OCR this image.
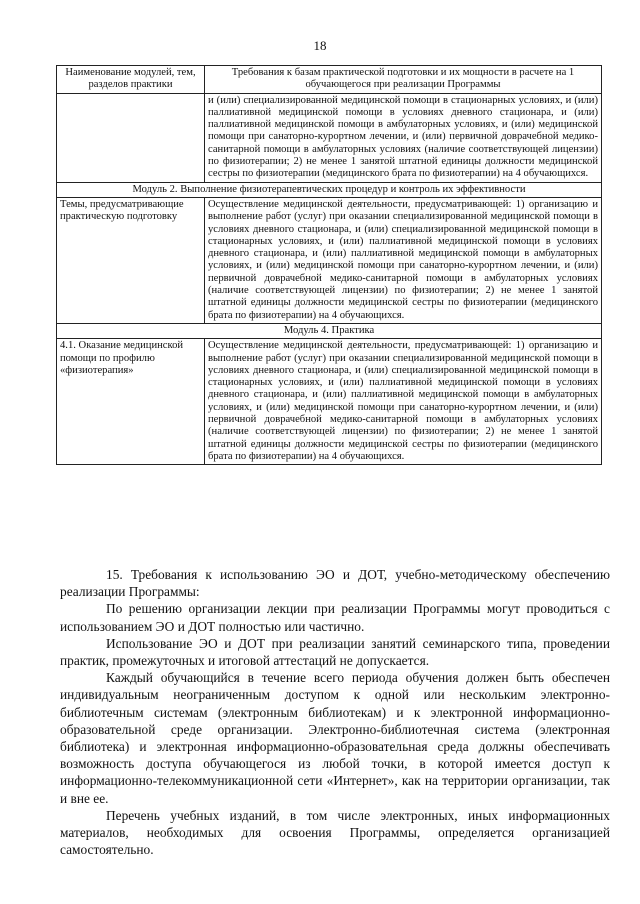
18
Наименование модулей, тем, разделов практики	Требования к базам практической подготовки и их мощности в расчете на 1 обучающегося при реализации Программы
	и (или) специализированной медицинской помощи в стационарных условиях, и (или) паллиативной медицинской помощи в условиях дневного стационара, и (или) паллиативной медицинской помощи в амбулаторных условиях, и (или) медицинской помощи при санаторно-курортном лечении, и (или) первичной доврачебной медико-санитарной помощи в амбулаторных условиях (наличие соответствующей лицензии) по физиотерапии; 2) не менее 1 занятой штатной единицы должности медицинской сестры по физиотерапии (медицинского брата по физиотерапии) на 4 обучающихся.
Модуль 2. Выполнение физиотерапевтических процедур и контроль их эффективности	
Темы, предусматривающие практическую подготовку	Осуществление медицинской деятельности, предусматривающей: 1) организацию и выполнение работ (услуг) при оказании специализированной медицинской помощи в условиях дневного стационара, и (или) специализированной медицинской помощи в стационарных условиях, и (или) паллиативной медицинской помощи в условиях дневного стационара, и (или) паллиативной медицинской помощи в амбулаторных условиях, и (или) медицинской помощи при санаторно-курортном лечении, и (или) первичной доврачебной медико-санитарной помощи в амбулаторных условиях (наличие соответствующей лицензии) по физиотерапии; 2) не менее 1 занятой штатной единицы должности медицинской сестры по физиотерапии (медицинского брата по физиотерапии) на 4 обучающихся.
Модуль 4. Практика	
4.1. Оказание медицинской помощи по профилю «физиотерапия»	Осуществление медицинской деятельности, предусматривающей: 1) организацию и выполнение работ (услуг) при оказании специализированной медицинской помощи в условиях дневного стационара, и (или) специализированной медицинской помощи в стационарных условиях, и (или) паллиативной медицинской помощи в условиях дневного стационара, и (или) паллиативной медицинской помощи в амбулаторных условиях, и (или) медицинской помощи при санаторно-курортном лечении, и (или) первичной доврачебной медико-санитарной помощи в амбулаторных условиях (наличие соответствующей лицензии) по физиотерапии; 2) не менее 1 занятой штатной единицы должности медицинской сестры по физиотерапии (медицинского брата по физиотерапии) на 4 обучающихся.

15. Требования к использованию ЭО и ДОТ, учебно-методическому обеспечению реализации Программы:

По решению организации лекции при реализации Программы могут проводиться с использованием ЭО и ДОТ полностью или частично.

Использование ЭО и ДОТ при реализации занятий семинарского типа, проведении практик, промежуточных и итоговой аттестаций не допускается.

Каждый обучающийся в течение всего периода обучения должен быть обеспечен индивидуальным неограниченным доступом к одной или нескольким электронно-библиотечным системам (электронным библиотекам) и к электронной информационно-образовательной среде организации. Электронно-библиотечная система (электронная библиотека) и электронная информационно-образовательная среда должны обеспечивать возможность доступа обучающегося из любой точки, в которой имеется доступ к информационно-телекоммуникационной сети «Интернет», как на территории организации, так и вне ее.

Перечень учебных изданий, в том числе электронных, иных информационных материалов, необходимых для освоения Программы, определяется организацией самостоятельно.
